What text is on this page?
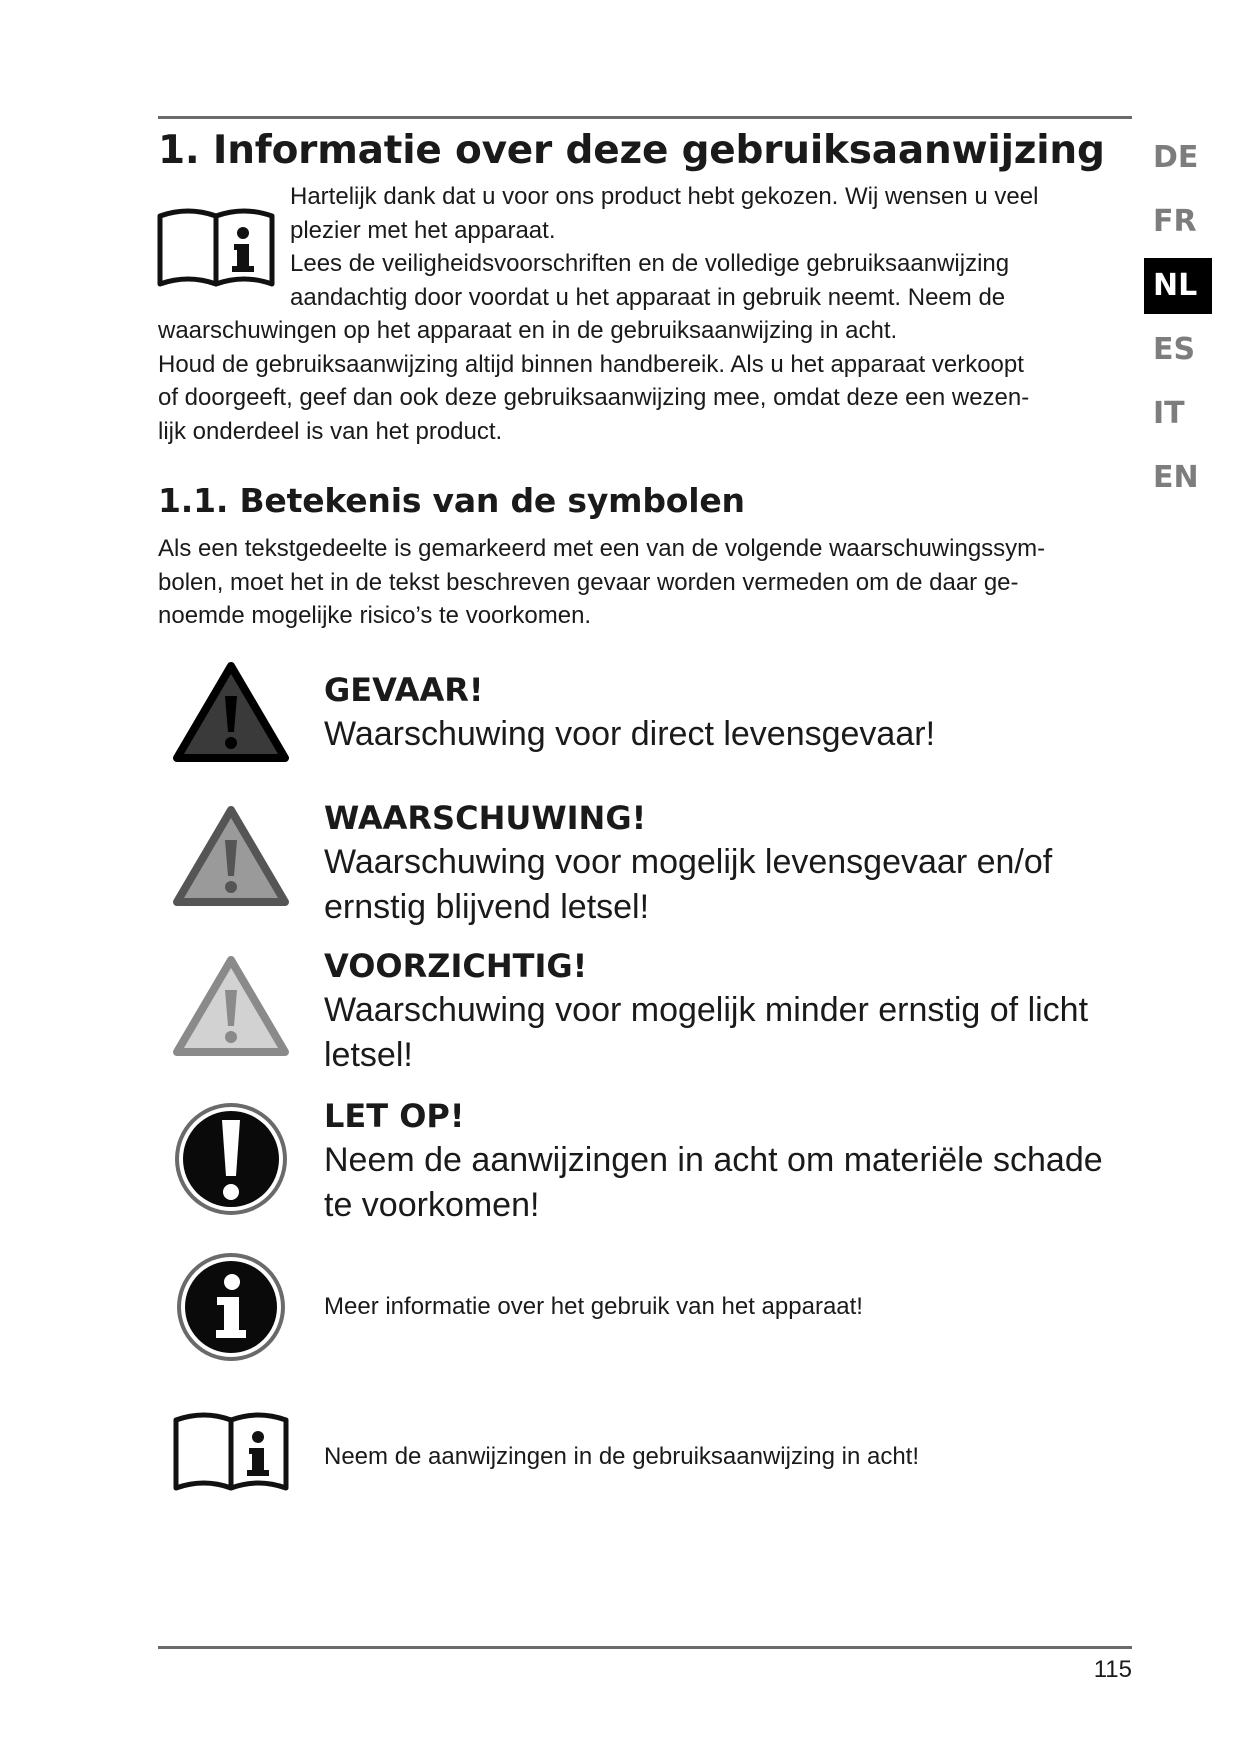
DE
FR
NL
ES
IT
EN
1. Informatie over deze gebruiksaanwijzing

Hartelijk dank dat u voor ons product hebt gekozen. Wij wensen u veel
plezier met het apparaat.
Lees de veiligheidsvoorschriften en de volledige gebruiksaanwijzing
aandachtig door voordat u het apparaat in gebruik neemt. Neem de

waarschuwingen op het apparaat en in de gebruiksaanwijzing in acht.
Houd de gebruiksaanwijzing altijd binnen handbereik. Als u het apparaat verkoopt
of doorgeeft, geef dan ook deze gebruiksaanwijzing mee, omdat deze een wezen-
lijk onderdeel is van het product.

1.1. Betekenis van de symbolen

Als een tekstgedeelte is gemarkeerd met een van de volgende waarschuwingssym-
bolen, moet het in de tekst beschreven gevaar worden vermeden om de daar ge-
noemde mogelijke risico’s te voorkomen.

GEVAAR!
Waarschuwing voor direct levensgevaar!
WAARSCHUWING!
Waarschuwing voor mogelijk levensgevaar en/of
ernstig blijvend letsel!
VOORZICHTIG!
Waarschuwing voor mogelijk minder ernstig of licht
letsel!
LET OP!
Neem de aanwijzingen in acht om materiële schade
te voorkomen!
Meer informatie over het gebruik van het apparaat!
Neem de aanwijzingen in de gebruiksaanwijzing in acht!
115
